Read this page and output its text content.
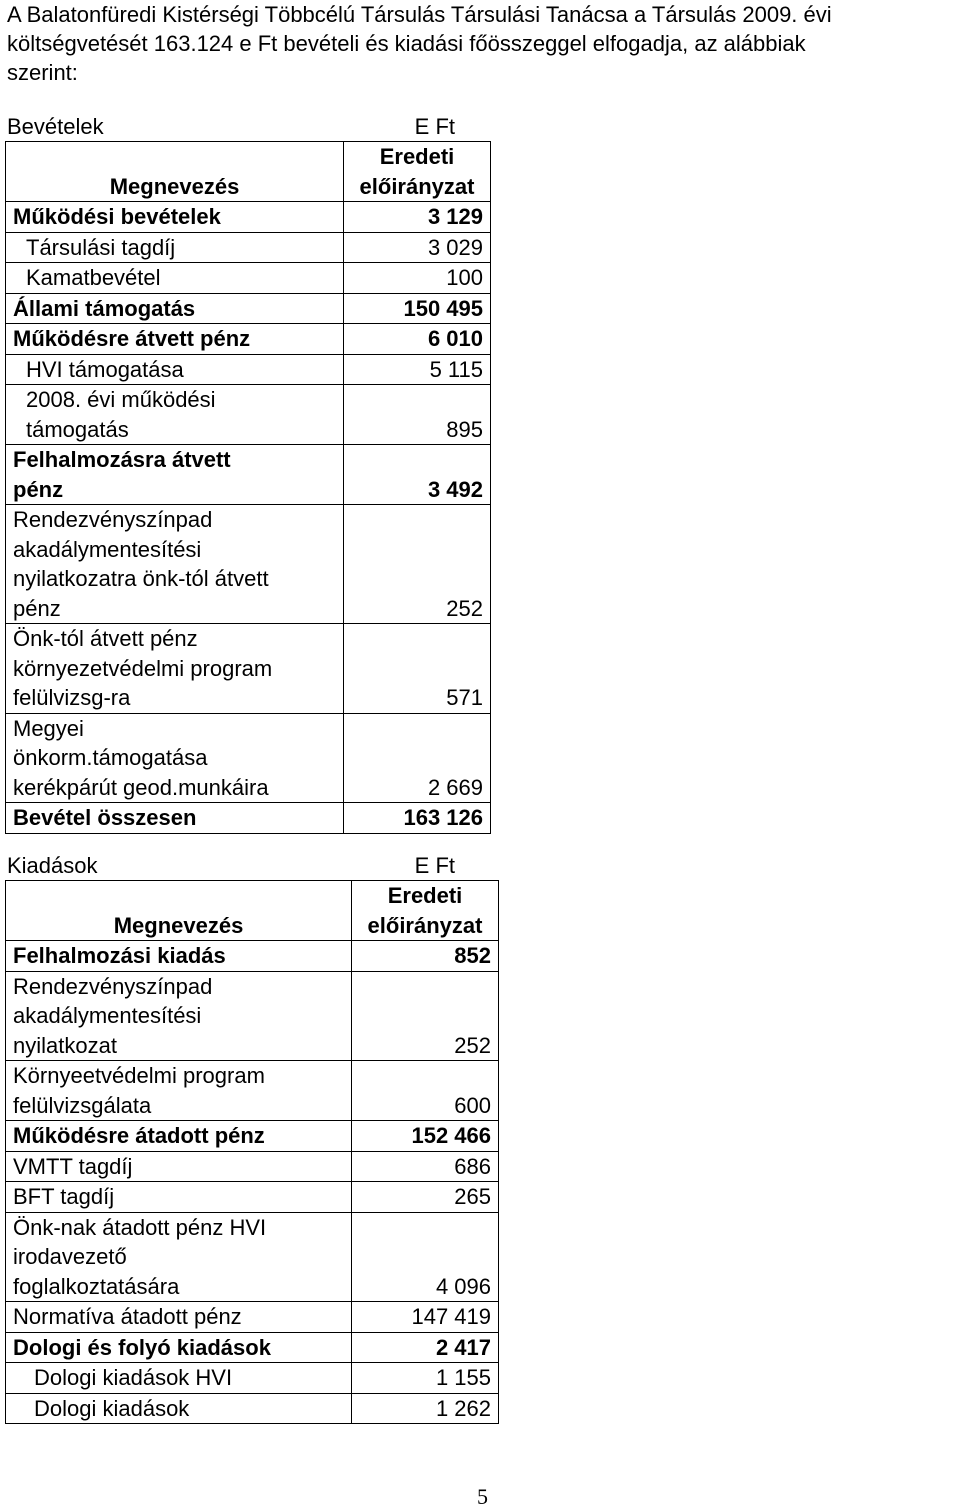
A Balatonfüredi Kistérségi Többcélú Társulás Társulási Tanácsa a Társulás 2009. évi
költségvetését 163.124 e Ft bevételi és kiadási főösszeggel elfogadja, az alábbiak
szerint:
Bevételek	E Ft
Megnevezés	Eredeti
előirányzat

Működési bevételek	3 129

Társulási tagdíj	3 029

Kamatbevétel	100

Állami támogatás	150 495

Működésre átvett pénz	6 010

HVI támogatása	5 115

2008. évi működési
támogatás	895

Felhalmozásra átvett
pénz	3 492

Rendezvényszínpad
akadálymentesítési
nyilatkozatra önk-tól átvett
pénz	252

Önk-tól átvett pénz
környezetvédelmi program
felülvizsg-ra	571

Megyei
önkorm.támogatása
kerékpárút geod.munkáira	2 669

Bevétel összesen	163 126
Kiadások	E Ft
Megnevezés	Eredeti
előirányzat

Felhalmozási kiadás	852

Rendezvényszínpad
akadálymentesítési
nyilatkozat	252

Környeetvédelmi program
felülvizsgálata	600

Működésre átadott pénz	152 466

VMTT tagdíj	686

BFT tagdíj	265

Önk-nak átadott pénz HVI
irodavezető
foglalkoztatására	4 096

Normatíva átadott pénz	147 419

Dologi és folyó kiadások	2 417

Dologi kiadások HVI	1 155

Dologi kiadások	1 262
5
